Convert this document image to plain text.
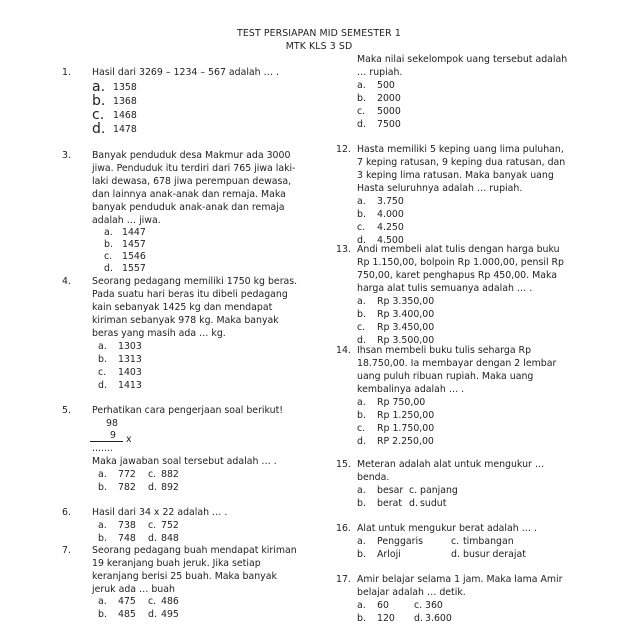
TEST PERSIAPAN MID SEMESTER 1
MTK KLS 3 SD
1. Hasil dari 3269 – 1234 – 567 adalah … .
a. 1358
b. 1368
c. 1468
d. 1478
3. Banyak penduduk desa Makmur ada 3000
jiwa. Penduduk itu terdiri dari 765 jiwa laki-
laki dewasa, 678 jiwa perempuan dewasa,
dan lainnya anak-anak dan remaja. Maka
banyak penduduk anak-anak dan remaja
adalah … jiwa.
a. 1447
b. 1457
c. 1546
d. 1557
4. Seorang pedagang memiliki 1750 kg beras.
Pada suatu hari beras itu dibeli pedagang
kain sebanyak 1425 kg dan mendapat
kiriman sebanyak 978 kg. Maka banyak
beras yang masih ada … kg.
a. 1303
b. 1313
c. 1403
d. 1413
5. Perhatikan cara pengerjaan soal berikut!
98
9 x
.......
Maka jawaban soal tersebut adalah … .
a. 772 c. 882
b. 782 d. 892
6. Hasil dari 34 x 22 adalah … .
a. 738 c. 752
b. 748 d. 848
7. Seorang pedagang buah mendapat kiriman
19 keranjang buah jeruk. Jika setiap
keranjang berisi 25 buah. Maka banyak
jeruk ada … buah
a. 475 c. 486
b. 485 d. 495
Maka nilai sekelompok uang tersebut adalah
… rupiah.
a. 500
b. 2000
c. 5000
d. 7500
12. Hasta memiliki 5 keping uang lima puluhan,
7 keping ratusan, 9 keping dua ratusan, dan
3 keping lima ratusan. Maka banyak uang
Hasta seluruhnya adalah … rupiah.
a. 3.750
b. 4.000
c. 4.250
d. 4.500
13. Andi membeli alat tulis dengan harga buku
Rp 1.150,00, bolpoin Rp 1.000,00, pensil Rp
750,00, karet penghapus Rp 450,00. Maka
harga alat tulis semuanya adalah … .
a. Rp 3.350,00
b. Rp 3.400,00
c. Rp 3.450,00
d. Rp 3.500,00
14. Ihsan membeli buku tulis seharga Rp
18.750,00. Ia membayar dengan 2 lembar
uang puluh ribuan rupiah. Maka uang
kembalinya adalah … .
a. Rp 750,00
b. Rp 1.250,00
c. Rp 1.750,00
d. RP 2.250,00
15. Meteran adalah alat untuk mengukur …
benda.
a. besar c. panjang
b. berat d. sudut
16. Alat untuk mengukur berat adalah … .
a. Penggaris	c. timbangan
b. Arloji	d. busur derajat
17. Amir belajar selama 1 jam. Maka lama Amir
belajar adalah … detik.
a. 60	c. 360
b. 120 d. 3.600
